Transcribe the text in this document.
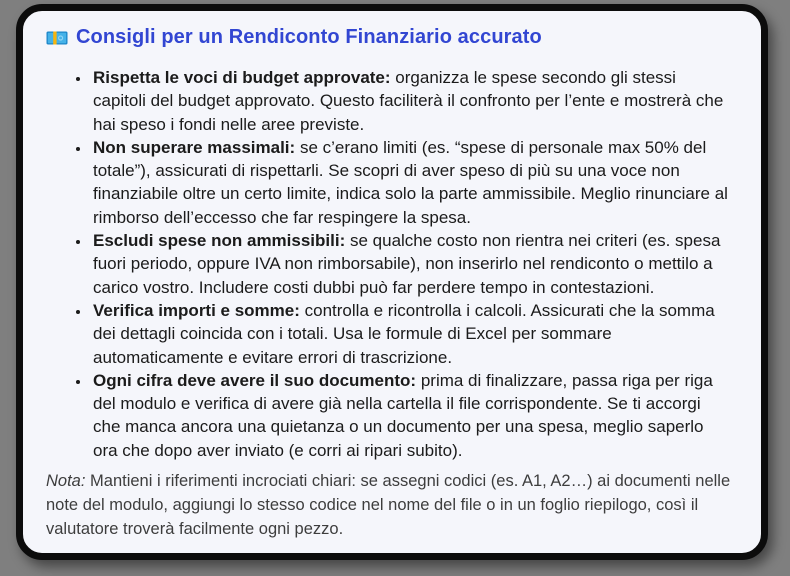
Consigli per un Rendiconto Finanziario accurato
• Rispetta le voci di budget approvate: organizza le spese secondo gli stessi capitoli del budget approvato. Questo faciliterà il confronto per l’ente e mostrerà che hai speso i fondi nelle aree previste.
• Non superare massimali: se c’erano limiti (es. “spese di personale max 50% del totale”), assicurati di rispettarli. Se scopri di aver speso di più su una voce non finanziabile oltre un certo limite, indica solo la parte ammissibile. Meglio rinunciare al rimborso dell’eccesso che far respingere la spesa.
• Escludi spese non ammissibili: se qualche costo non rientra nei criteri (es. spesa fuori periodo, oppure IVA non rimborsabile), non inserirlo nel rendiconto o mettilo a carico vostro. Includere costi dubbi può far perdere tempo in contestazioni.
• Verifica importi e somme: controlla e ricontrolla i calcoli. Assicurati che la somma dei dettagli coincida con i totali. Usa le formule di Excel per sommare automaticamente e evitare errori di trascrizione.
• Ogni cifra deve avere il suo documento: prima di finalizzare, passa riga per riga del modulo e verifica di avere già nella cartella il file corrispondente. Se ti accorgi che manca ancora una quietanza o un documento per una spesa, meglio saperlo ora che dopo aver inviato (e corri ai ripari subito).

Nota: Mantieni i riferimenti incrociati chiari: se assegni codici (es. A1, A2…) ai documenti nelle note del modulo, aggiungi lo stesso codice nel nome del file o in un foglio riepilogo, così il valutatore troverà facilmente ogni pezzo.
